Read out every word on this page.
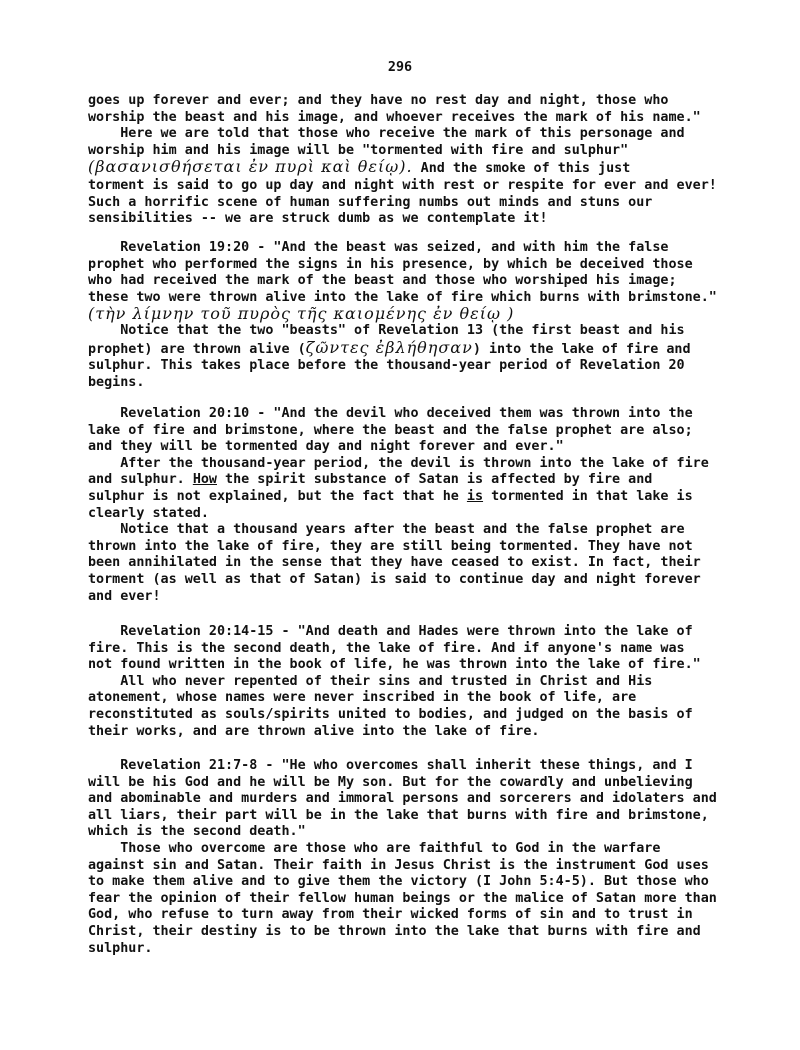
296
goes up forever and ever; and they have no rest day and night, those who
worship the beast and his image, and whoever receives the mark of his name."
Here we are told that those who receive the mark of this personage and
worship him and his image will be "tormented with fire and sulphur"
(βασανισθήσεται ἐν πυρὶ καὶ θείῳ). And the smoke of this just
torment is said to go up day and night with rest or respite for ever and ever!
Such a horrific scene of human suffering numbs out minds and stuns our
sensibilities -- we are struck dumb as we contemplate it!
Revelation 19:20 - "And the beast was seized, and with him the false
prophet who performed the signs in his presence, by which be deceived those
who had received the mark of the beast and those who worshiped his image;
these two were thrown alive into the lake of fire which burns with brimstone."
(τὴν λίμνην τοῦ πυρὸς τῆς καιομένης ἐν θείῳ )
Notice that the two "beasts" of Revelation 13 (the first beast and his
prophet) are thrown alive (ζῶντες ἐβλήθησαν) into the lake of fire and
sulphur. This takes place before the thousand-year period of Revelation 20
begins.
Revelation 20:10 - "And the devil who deceived them was thrown into the
lake of fire and brimstone, where the beast and the false prophet are also;
and they will be tormented day and night forever and ever."
After the thousand-year period, the devil is thrown into the lake of fire
and sulphur. How the spirit substance of Satan is affected by fire and
sulphur is not explained, but the fact that he is tormented in that lake is
clearly stated.
Notice that a thousand years after the beast and the false prophet are
thrown into the lake of fire, they are still being tormented. They have not
been annihilated in the sense that they have ceased to exist. In fact, their
torment (as well as that of Satan) is said to continue day and night forever
and ever!
Revelation 20:14-15 - "And death and Hades were thrown into the lake of
fire. This is the second death, the lake of fire. And if anyone's name was
not found written in the book of life, he was thrown into the lake of fire."
All who never repented of their sins and trusted in Christ and His
atonement, whose names were never inscribed in the book of life, are
reconstituted as souls/spirits united to bodies, and judged on the basis of
their works, and are thrown alive into the lake of fire.
Revelation 21:7-8 - "He who overcomes shall inherit these things, and I
will be his God and he will be My son. But for the cowardly and unbelieving
and abominable and murders and immoral persons and sorcerers and idolaters and
all liars, their part will be in the lake that burns with fire and brimstone,
which is the second death."
Those who overcome are those who are faithful to God in the warfare
against sin and Satan. Their faith in Jesus Christ is the instrument God uses
to make them alive and to give them the victory (I John 5:4-5). But those who
fear the opinion of their fellow human beings or the malice of Satan more than
God, who refuse to turn away from their wicked forms of sin and to trust in
Christ, their destiny is to be thrown into the lake that burns with fire and
sulphur.
